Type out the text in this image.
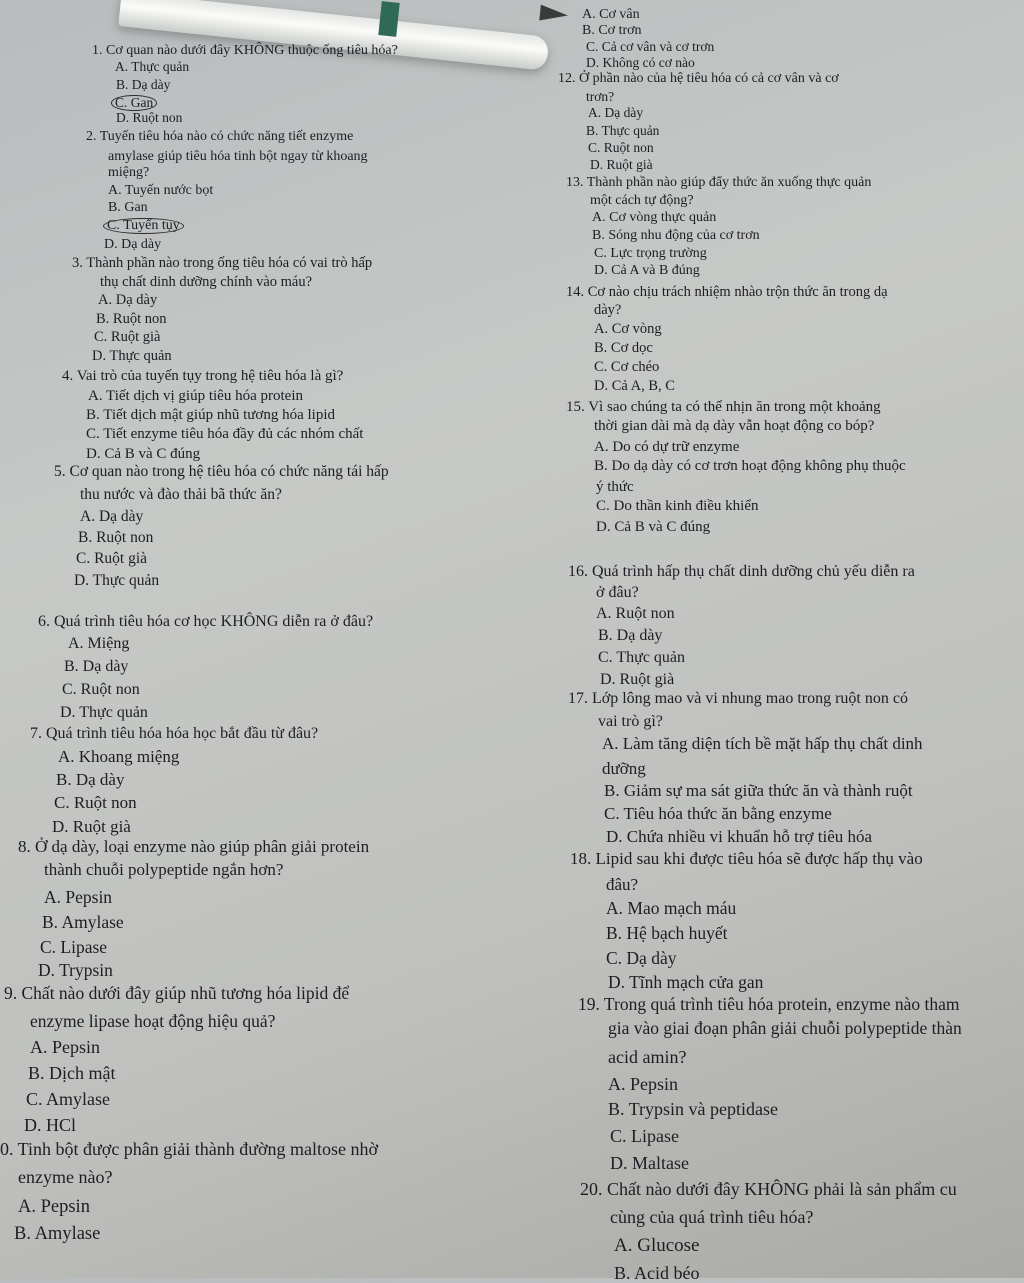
1. Cơ quan nào dưới đây KHÔNG thuộc ống tiêu hóa?
A. Thực quản
B. Dạ dày
C. Gan
D. Ruột non
2. Tuyến tiêu hóa nào có chức năng tiết enzyme
amylase giúp tiêu hóa tinh bột ngay từ khoang
miệng?
A. Tuyến nước bọt
B. Gan
C. Tuyến tụy
D. Dạ dày
3. Thành phần nào trong ống tiêu hóa có vai trò hấp
thụ chất dinh dưỡng chính vào máu?
A. Dạ dày
B. Ruột non
C. Ruột già
D. Thực quản
4. Vai trò của tuyến tụy trong hệ tiêu hóa là gì?
A. Tiết dịch vị giúp tiêu hóa protein
B. Tiết dịch mật giúp nhũ tương hóa lipid
C. Tiết enzyme tiêu hóa đầy đủ các nhóm chất
D. Cả B và C đúng
5. Cơ quan nào trong hệ tiêu hóa có chức năng tái hấp
thu nước và đào thải bã thức ăn?
A. Dạ dày
B. Ruột non
C. Ruột già
D. Thực quản
6. Quá trình tiêu hóa cơ học KHÔNG diễn ra ở đâu?
A. Miệng
B. Dạ dày
C. Ruột non
D. Thực quản
7. Quá trình tiêu hóa hóa học bắt đầu từ đâu?
A. Khoang miệng
B. Dạ dày
C. Ruột non
D. Ruột già
8. Ở dạ dày, loại enzyme nào giúp phân giải protein
thành chuỗi polypeptide ngắn hơn?
A. Pepsin
B. Amylase
C. Lipase
D. Trypsin
9. Chất nào dưới đây giúp nhũ tương hóa lipid để
enzyme lipase hoạt động hiệu quả?
A. Pepsin
B. Dịch mật
C. Amylase
D. HCl
0. Tinh bột được phân giải thành đường maltose nhờ
enzyme nào?
A. Pepsin
B. Amylase
A. Cơ vân
B. Cơ trơn
C. Cả cơ vân và cơ trơn
D. Không có cơ nào
12. Ở phần nào của hệ tiêu hóa có cả cơ vân và cơ
trơn?
A. Dạ dày
B. Thực quản
C. Ruột non
D. Ruột già
13. Thành phần nào giúp đẩy thức ăn xuống thực quản
một cách tự động?
A. Cơ vòng thực quản
B. Sóng nhu động của cơ trơn
C. Lực trọng trường
D. Cả A và B đúng
14. Cơ nào chịu trách nhiệm nhào trộn thức ăn trong dạ
dày?
A. Cơ vòng
B. Cơ dọc
C. Cơ chéo
D. Cả A, B, C
15. Vì sao chúng ta có thể nhịn ăn trong một khoảng
thời gian dài mà dạ dày vẫn hoạt động co bóp?
A. Do có dự trữ enzyme
B. Do dạ dày có cơ trơn hoạt động không phụ thuộc
ý thức
C. Do thần kinh điều khiển
D. Cả B và C đúng
16. Quá trình hấp thụ chất dinh dưỡng chủ yếu diễn ra
ở đâu?
A. Ruột non
B. Dạ dày
C. Thực quản
D. Ruột già
17. Lớp lông mao và vi nhung mao trong ruột non có
vai trò gì?
A. Làm tăng diện tích bề mặt hấp thụ chất dinh
dưỡng
B. Giảm sự ma sát giữa thức ăn và thành ruột
C. Tiêu hóa thức ăn bằng enzyme
D. Chứa nhiều vi khuẩn hỗ trợ tiêu hóa
18. Lipid sau khi được tiêu hóa sẽ được hấp thụ vào
đâu?
A. Mao mạch máu
B. Hệ bạch huyết
C. Dạ dày
D. Tĩnh mạch cửa gan
19. Trong quá trình tiêu hóa protein, enzyme nào tham
gia vào giai đoạn phân giải chuỗi polypeptide thàn
acid amin?
A. Pepsin
B. Trypsin và peptidase
C. Lipase
D. Maltase
20. Chất nào dưới đây KHÔNG phải là sản phẩm cu
cùng của quá trình tiêu hóa?
A. Glucose
B. Acid béo
